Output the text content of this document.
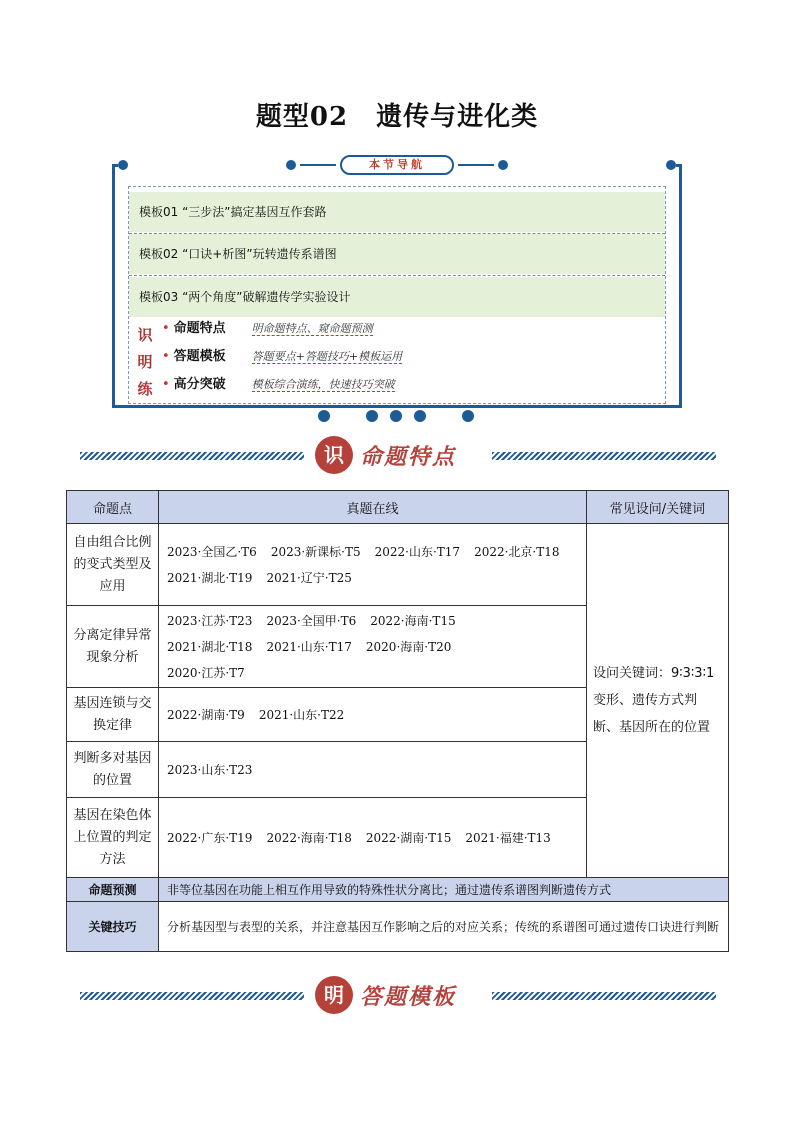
题型02 遗传与进化类
本节导航
模板01 “三步法”搞定基因互作套路
模板02 “口诀+析图”玩转遗传系谱图
模板03 “两个角度”破解遗传学实验设计
识
明
练
• 命题特点 明命题特点、窥命题预测
• 答题模板 答题要点+答题技巧+模板运用
• 高分突破 模板综合演练，快速技巧突破
识 命题特点
命题点	真题在线	常见设问/关键词
自由组合比例的变式类型及应用	2023·全国乙·T6 2023·新课标·T5 2022·山东·T17 2022·北京·T18
2021·湖北·T19 2021·辽宁·T25	设问关键词：9∶3∶3∶1变形、遗传方式判断、基因所在的位置
分离定律异常现象分析	2023·江苏·T23 2023·全国甲·T6 2022·海南·T15
2021·湖北·T18 2021·山东·T17 2020·海南·T20
2020·江苏·T7	
基因连锁与交换定律	2022·湖南·T9 2021·山东·T22	
判断多对基因的位置	2023·山东·T23	
基因在染色体上位置的判定方法	2022·广东·T19 2022·海南·T18 2022·湖南·T15 2021·福建·T13	
命题预测	非等位基因在功能上相互作用导致的特殊性状分离比；通过遗传系谱图判断遗传方式	
关键技巧	分析基因型与表型的关系，并注意基因互作影响之后的对应关系；传统的系谱图可通过遗传口诀进行判断	
明 答题模板
